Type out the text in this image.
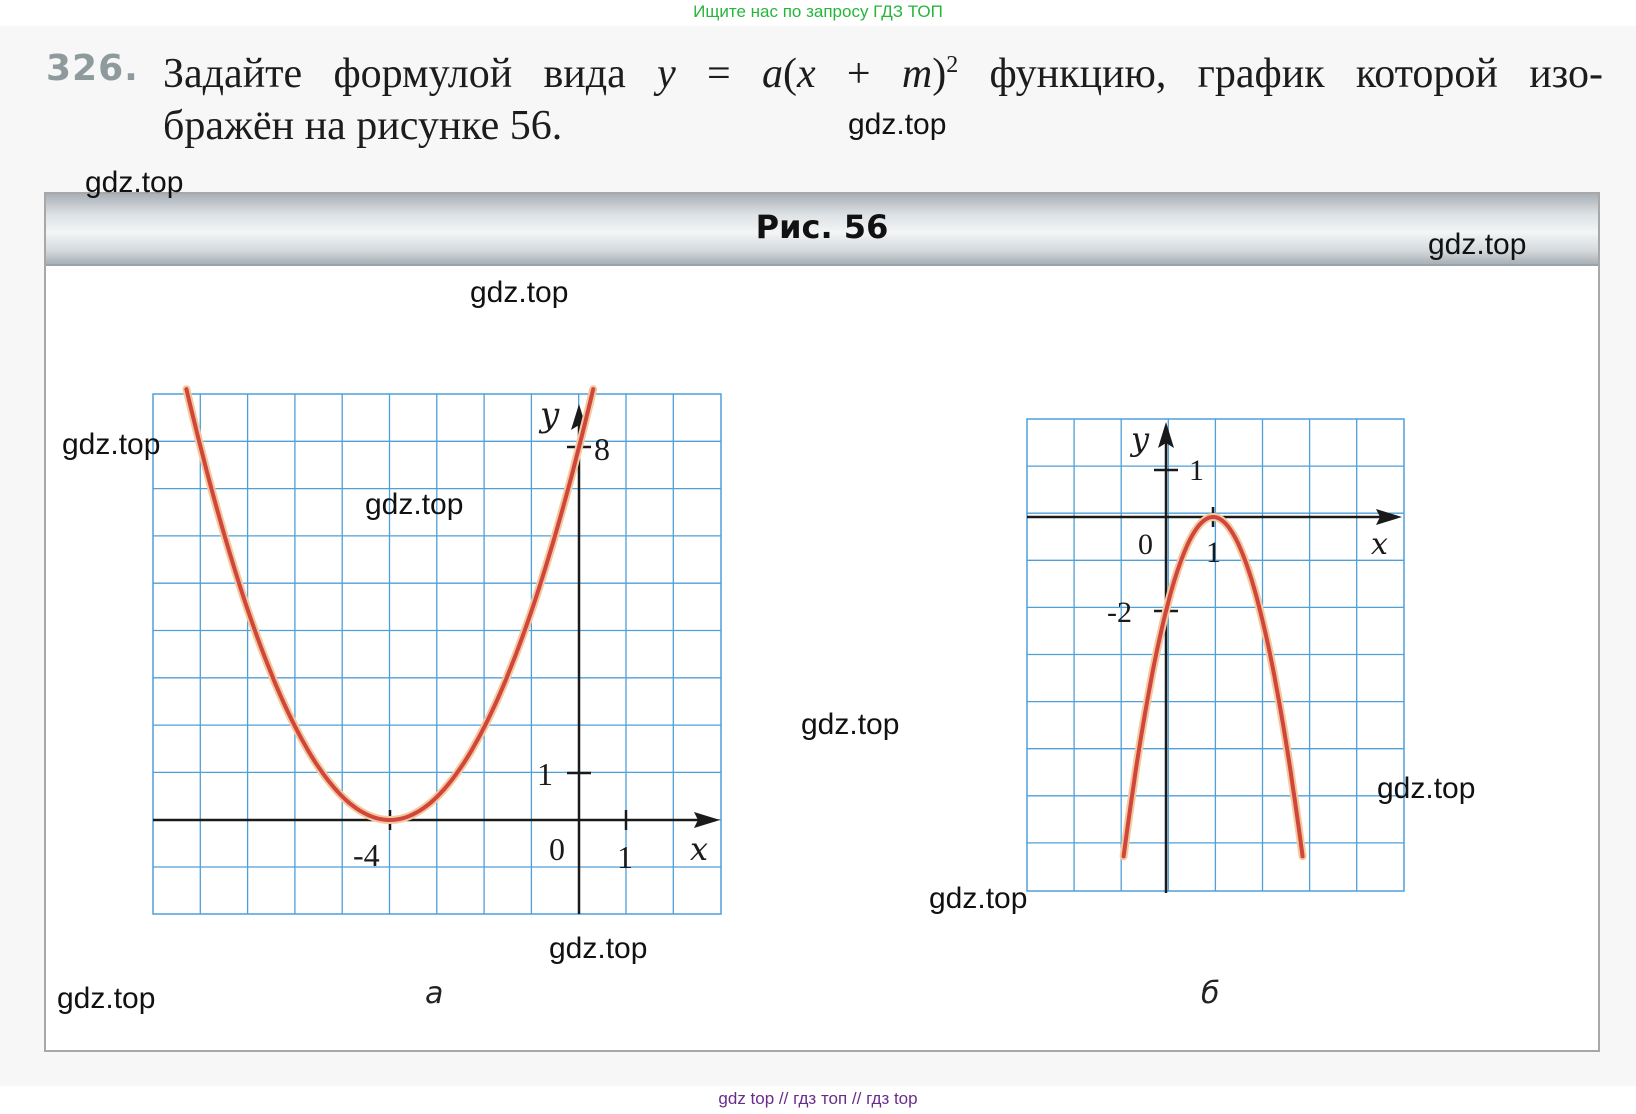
Ищите нас по запросу ГДЗ ТОП
326. Задайте формулой вида $y = a(x + m)^2$ функцию, график которой изо-
бражён на рисунке 56.
Рис. 56
y
x
8
1
-4	0 1
y
x
1
-2
0 1
а	б
gdz.top
gdz.top
gdz.top
gdz.top
gdz.top
gdz.top
gdz.top
gdz.top
gdz.top
gdz.top
gdz.top
gdz top // гдз топ // гдз top
